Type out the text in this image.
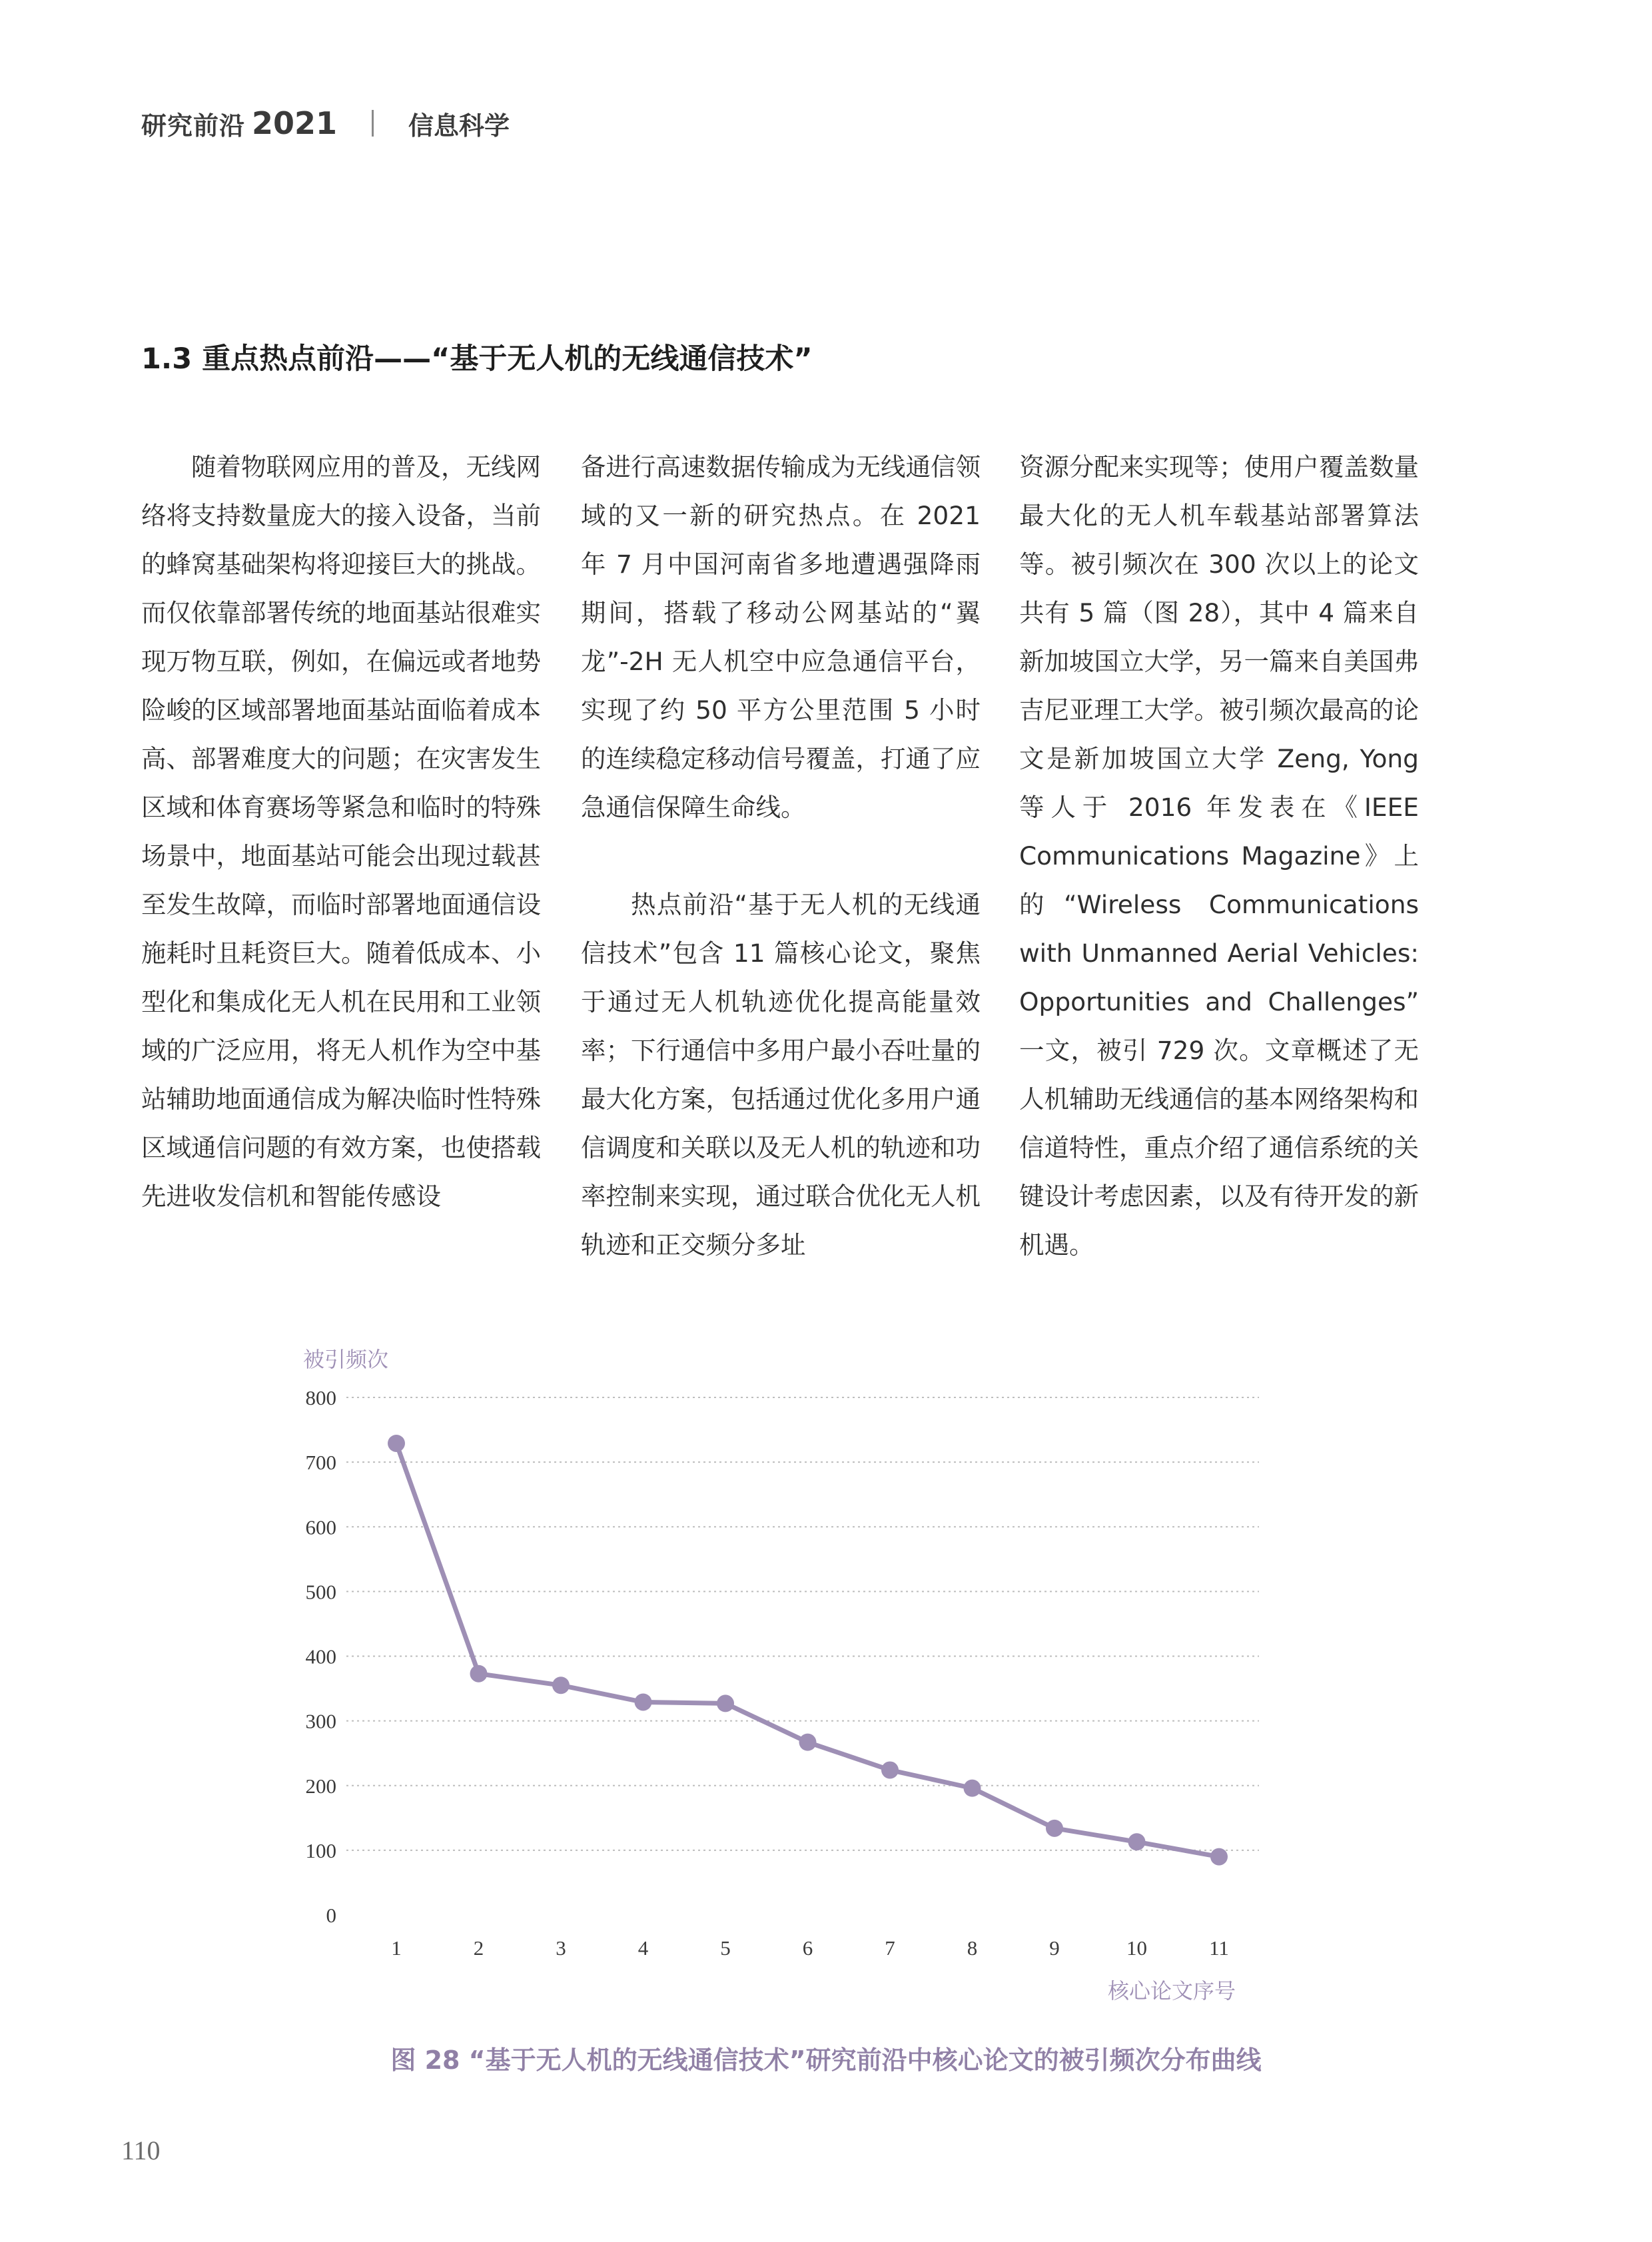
研究前沿 2021	信息科学
1.3 重点热点前沿——“基于无人机的无线通信技术”

随着物联网应用的普及，无线网络将支持数量庞大的接入设备，当前的蜂窝基础架构将迎接巨大的挑战。而仅依靠部署传统的地面基站很难实现万物互联，例如，在偏远或者地势险峻的区域部署地面基站面临着成本高、部署难度大的问题；在灾害发生区域和体育赛场等紧急和临时的特殊场景中，地面基站可能会出现过载甚至发生故障，而临时部署地面通信设施耗时且耗资巨大。随着低成本、小型化和集成化无人机在民用和工业领域的广泛应用，将无人机作为空中基站辅助地面通信成为解决临时性特殊区域通信问题的有效方案，也使搭载先进收发信机和智能传感设

备进行高速数据传输成为无线通信领域的又一新的研究热点。在 2021 年 7 月中国河南省多地遭遇强降雨期间，搭载了移动公网基站的“翼龙”-2H 无人机空中应急通信平台，实现了约 50 平方公里范围 5 小时的连续稳定移动信号覆盖，打通了应急通信保障生命线。

热点前沿“基于无人机的无线通信技术”包含 11 篇核心论文，聚焦于通过无人机轨迹优化提高能量效率；下行通信中多用户最小吞吐量的最大化方案，包括通过优化多用户通信调度和关联以及无人机的轨迹和功率控制来实现，通过联合优化无人机轨迹和正交频分多址

资源分配来实现等；使用户覆盖数量最大化的无人机车载基站部署算法等。被引频次在 300 次以上的论文共有 5 篇（图 28），其中 4 篇来自新加坡国立大学，另一篇来自美国弗吉尼亚理工大学。被引频次最高的论文是新加坡国立大学 Zeng, Yong 等人于 2016 年发表在《IEEE Communications Magazine》上的“Wireless Communications with Unmanned Aerial Vehicles: Opportunities and Challenges” 一文，被引 729 次。文章概述了无人机辅助无线通信的基本网络架构和信道特性，重点介绍了通信系统的关键设计考虑因素，以及有待开发的新机遇。

被引频次
核心论文序号
0
100
200
300
400
500
600
700
800
1	2	3	4	5	6	7	8	9	10	11
图 28 “基于无人机的无线通信技术”研究前沿中核心论文的被引频次分布曲线
110
